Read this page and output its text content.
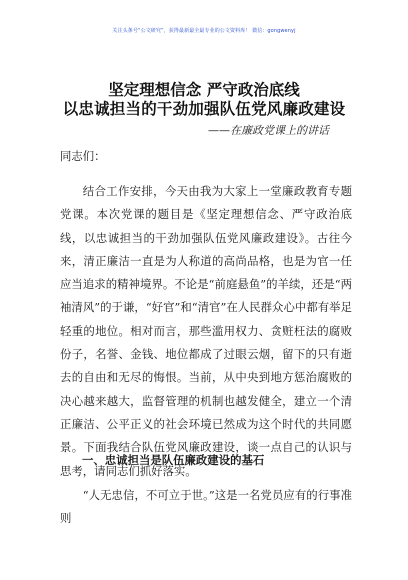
关注头条号“公文研究”，获得最新最全最专业的公文资料库！ 微信：gongwenyj
坚定理想信念 严守政治底线
以忠诚担当的干劲加强队伍党风廉政建设
——在廉政党课上的讲话

同志们：

结合工作安排，今天由我为大家上一堂廉政教育专题党课。本次党课的题目是《坚定理想信念、严守政治底线，以忠诚担当的干劲加强队伍党风廉政建设》。古往今来，清正廉洁一直是为人称道的高尚品格，也是为官一任应当追求的精神境界。不论是“前庭悬鱼”的羊续，还是“两袖清风”的于谦，“好官”和“清官”在人民群众心中都有举足轻重的地位。相对而言，那些滥用权力、贪赃枉法的腐败份子，名誉、金钱、地位都成了过眼云烟，留下的只有逝去的自由和无尽的悔恨。当前，从中央到地方惩治腐败的决心越来越大，监督管理的机制也越发健全，建立一个清正廉洁、公平正义的社会环境已然成为这个时代的共同愿景。下面我结合队伍党风廉政建设，谈一点自己的认识与思考，请同志们抓好落实。

一、忠诚担当是队伍廉政建设的基石

“人无忠信，不可立于世。”这是一名党员应有的行事准则
